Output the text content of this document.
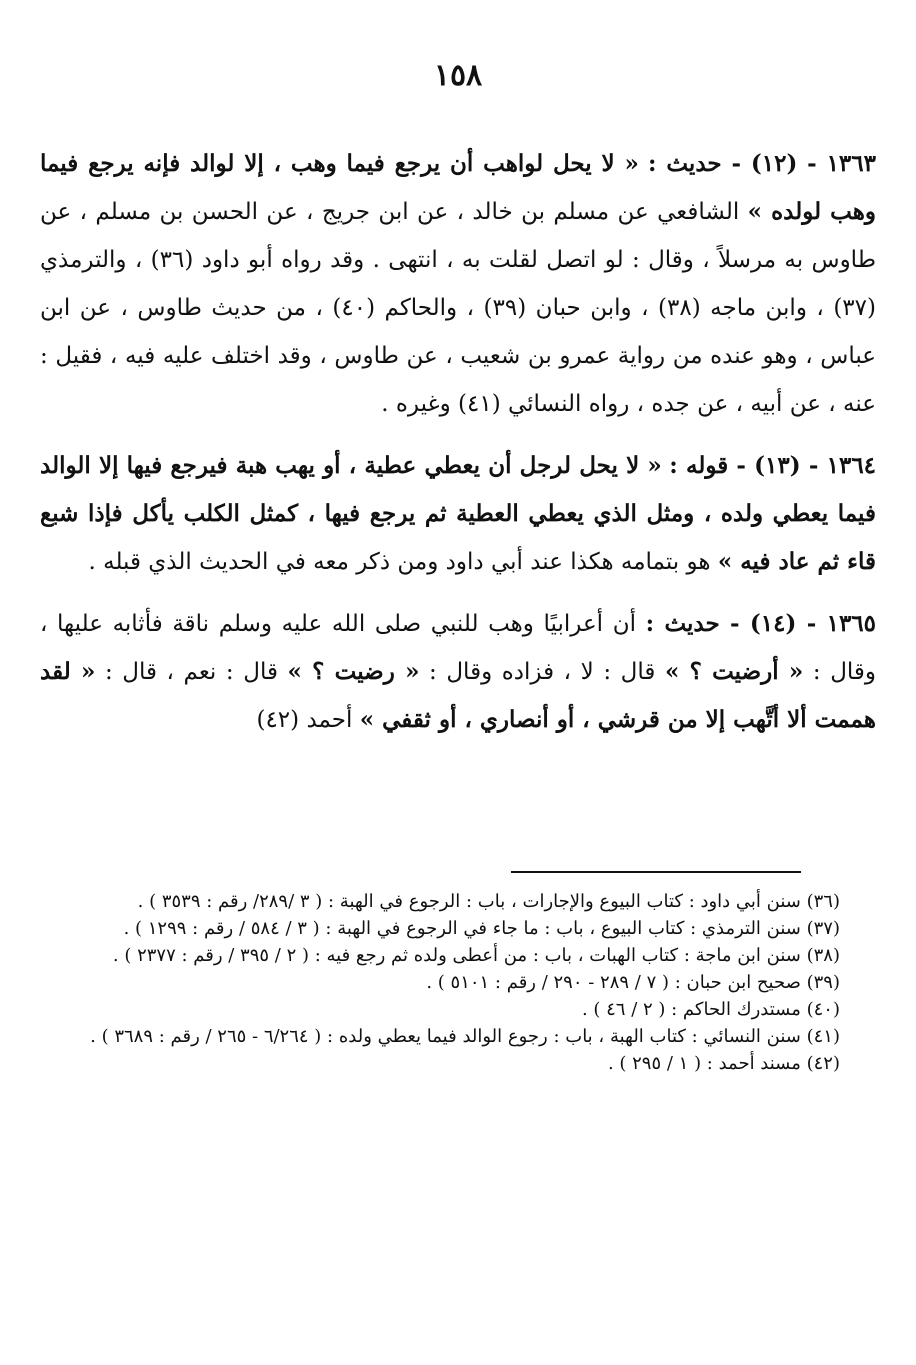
١٥٨

١٣٦٣ - (١٢) - حديث : « لا يحل لواهب أن يرجع فيما وهب ، إلا لوالد فإنه يرجع فيما وهب لولده » الشافعي عن مسلم بن خالد ، عن ابن جريج ، عن الحسن بن مسلم ، عن طاوس به مرسلاً ، وقال : لو اتصل لقلت به ، انتهى . وقد رواه أبو داود (٣٦) ، والترمذي (٣٧) ، وابن ماجه (٣٨) ، وابن حبان (٣٩) ، والحاكم (٤٠) ، من حديث طاوس ، عن ابن عباس ، وهو عنده من رواية عمرو بن شعيب ، عن طاوس ، وقد اختلف عليه فيه ، فقيل : عنه ، عن أبيه ، عن جده ، رواه النسائي (٤١) وغيره .

١٣٦٤ - (١٣) - قوله : « لا يحل لرجل أن يعطي عطية ، أو يهب هبة فيرجع فيها إلا الوالد فيما يعطي ولده ، ومثل الذي يعطي العطية ثم يرجع فيها ، كمثل الكلب يأكل فإذا شبع قاء ثم عاد فيه » هو بتمامه هكذا عند أبي داود ومن ذكر معه في الحديث الذي قبله .

١٣٦٥ - (١٤) - حديث : أن أعرابيًا وهب للنبي صلى الله عليه وسلم ناقة فأثابه عليها ، وقال : « أرضيت ؟ » قال : لا ، فزاده وقال : « رضيت ؟ » قال : نعم ، قال : « لقد هممت ألا أتَّهب إلا من قرشي ، أو أنصاري ، أو ثقفي » أحمد (٤٢)

(٣٦) سنن أبي داود : كتاب البيوع والإجارات ، باب : الرجوع في الهبة : ( ٣ /٢٨٩/ رقم : ٣٥٣٩ ) .

(٣٧) سنن الترمذي : كتاب البيوع ، باب : ما جاء في الرجوع في الهبة : ( ٣ / ٥٨٤ / رقم : ١٢٩٩ ) .

(٣٨) سنن ابن ماجة : كتاب الهبات ، باب : من أعطى ولده ثم رجع فيه : ( ٢ / ٣٩٥ / رقم : ٢٣٧٧ ) .

(٣٩) صحيح ابن حبان : ( ٧ / ٢٨٩ - ٢٩٠ / رقم : ٥١٠١ ) .

(٤٠) مستدرك الحاكم : ( ٢ / ٤٦ ) .

(٤١) سنن النسائي : كتاب الهبة ، باب : رجوع الوالد فيما يعطي ولده : ( ٦/٢٦٤ - ٢٦٥ / رقم : ٣٦٨٩ ) .

(٤٢) مسند أحمد : ( ١ / ٢٩٥ ) .
